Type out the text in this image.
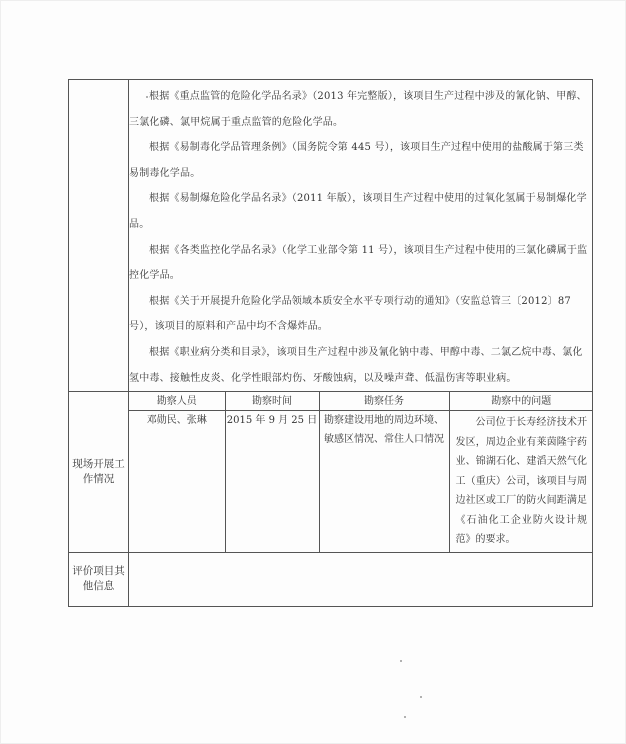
根据《重点监管的危险化学品名录》（2013 年完整版），该项目生产过程中涉及的氰化钠、甲醇、三氯化磷、氯甲烷属于重点监管的危险化学品。

根据《易制毒化学品管理条例》（国务院令第 445 号），该项目生产过程中使用的盐酸属于第三类易制毒化学品。

根据《易制爆危险化学品名录》（2011 年版），该项目生产过程中使用的过氧化氢属于易制爆化学品。

根据《各类监控化学品名录》（化学工业部令第 11 号），该项目生产过程中使用的三氯化磷属于监控化学品。

根据《关于开展提升危险化学品领域本质安全水平专项行动的通知》（安监总管三〔2012〕87 号），该项目的原料和产品中均不含爆炸品。

根据《职业病分类和目录》，该项目生产过程中涉及氰化钠中毒、甲醇中毒、二氯乙烷中毒、氯化氢中毒、接触性皮炎、化学性眼部灼伤、牙酸蚀病，以及噪声聋、低温伤害等职业病。

现场开展工作情况	
勘察人员	勘察时间	勘察任务	勘察中的问题
邓勋民、张琳	2015 年 9 月 25 日	勘察建设用地的周边环境、敏感区情况、常住人口情况	公司位于长寿经济技术开发区，周边企业有莱茵隆宇药业、锦湖石化、建滔天然气化工（重庆）公司，该项目与周边社区或工厂的防火间距满足《石油化工企业防火设计规范》的要求。

评价项目其他信息	
